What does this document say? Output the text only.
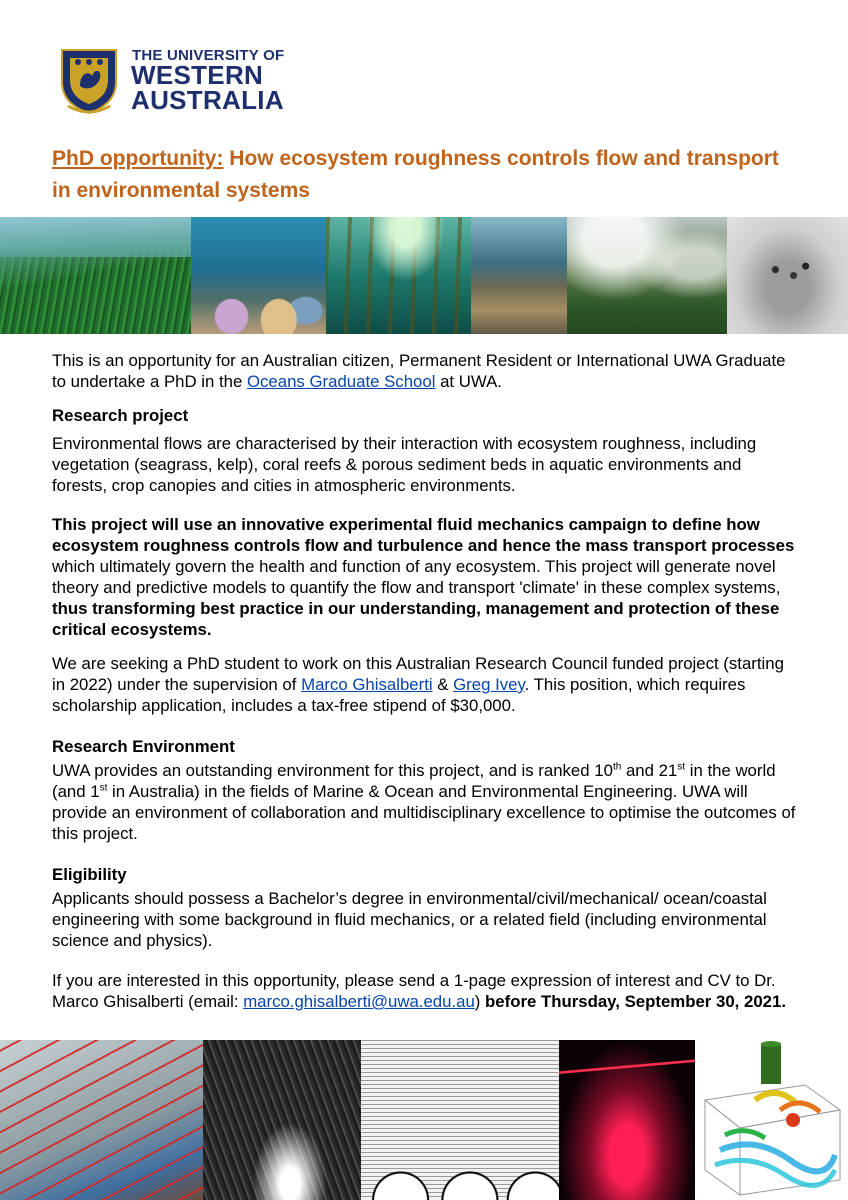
THE UNIVERSITY OF
WESTERN
AUSTRALIA
PhD opportunity: How ecosystem roughness controls flow and transport in environmental systems
This is an opportunity for an Australian citizen, Permanent Resident or International UWA Graduate to undertake a PhD in the Oceans Graduate School at UWA.
Research project
Environmental flows are characterised by their interaction with ecosystem roughness, including vegetation (seagrass, kelp), coral reefs & porous sediment beds in aquatic environments and forests, crop canopies and cities in atmospheric environments.
This project will use an innovative experimental fluid mechanics campaign to define how ecosystem roughness controls flow and turbulence and hence the mass transport processes which ultimately govern the health and function of any ecosystem. This project will generate novel theory and predictive models to quantify the flow and transport 'climate' in these complex systems, thus transforming best practice in our understanding, management and protection of these critical ecosystems.
We are seeking a PhD student to work on this Australian Research Council funded project (starting in 2022) under the supervision of Marco Ghisalberti & Greg Ivey. This position, which requires scholarship application, includes a tax-free stipend of $30,000.
Research Environment
UWA provides an outstanding environment for this project, and is ranked 10th and 21st in the world (and 1st in Australia) in the fields of Marine & Ocean and Environmental Engineering. UWA will provide an environment of collaboration and multidisciplinary excellence to optimise the outcomes of this project.
Eligibility
Applicants should possess a Bachelor’s degree in environmental/civil/mechanical/ ocean/coastal engineering with some background in fluid mechanics, or a related field (including environmental science and physics).
If you are interested in this opportunity, please send a 1-page expression of interest and CV to Dr. Marco Ghisalberti (email: marco.ghisalberti@uwa.edu.au) before Thursday, September 30, 2021.
